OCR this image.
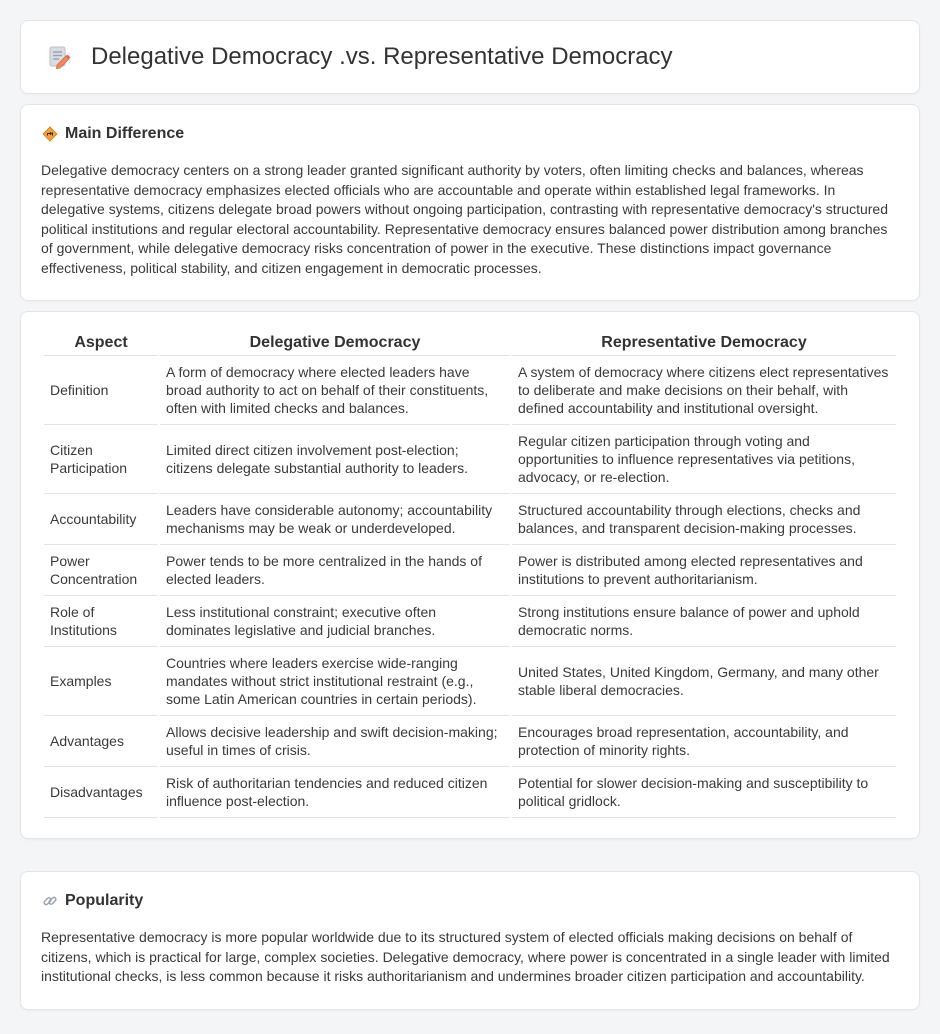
Delegative Democracy .vs. Representative Democracy
Main Difference

Delegative democracy centers on a strong leader granted significant authority by voters, often limiting checks and balances, whereas representative democracy emphasizes elected officials who are accountable and operate within established legal frameworks. In delegative systems, citizens delegate broad powers without ongoing participation, contrasting with representative democracy's structured political institutions and regular electoral accountability. Representative democracy ensures balanced power distribution among branches of government, while delegative democracy risks concentration of power in the executive. These distinctions impact governance effectiveness, political stability, and citizen engagement in democratic processes.

Aspect	Delegative Democracy	Representative Democracy
Definition	A form of democracy where elected leaders have broad authority to act on behalf of their constituents, often with limited checks and balances.	A system of democracy where citizens elect representatives to deliberate and make decisions on their behalf, with defined accountability and institutional oversight.
Citizen Participation	Limited direct citizen involvement post-election; citizens delegate substantial authority to leaders.	Regular citizen participation through voting and opportunities to influence representatives via petitions, advocacy, or re-election.
Accountability	Leaders have considerable autonomy; accountability mechanisms may be weak or underdeveloped.	Structured accountability through elections, checks and balances, and transparent decision-making processes.
Power Concentration	Power tends to be more centralized in the hands of elected leaders.	Power is distributed among elected representatives and institutions to prevent authoritarianism.
Role of Institutions	Less institutional constraint; executive often dominates legislative and judicial branches.	Strong institutions ensure balance of power and uphold democratic norms.
Examples	Countries where leaders exercise wide-ranging mandates without strict institutional restraint (e.g., some Latin American countries in certain periods).	United States, United Kingdom, Germany, and many other stable liberal democracies.
Advantages	Allows decisive leadership and swift decision-making; useful in times of crisis.	Encourages broad representation, accountability, and protection of minority rights.
Disadvantages	Risk of authoritarian tendencies and reduced citizen influence post-election.	Potential for slower decision-making and susceptibility to political gridlock.
Popularity

Representative democracy is more popular worldwide due to its structured system of elected officials making decisions on behalf of citizens, which is practical for large, complex societies. Delegative democracy, where power is concentrated in a single leader with limited institutional checks, is less common because it risks authoritarianism and undermines broader citizen participation and accountability.
